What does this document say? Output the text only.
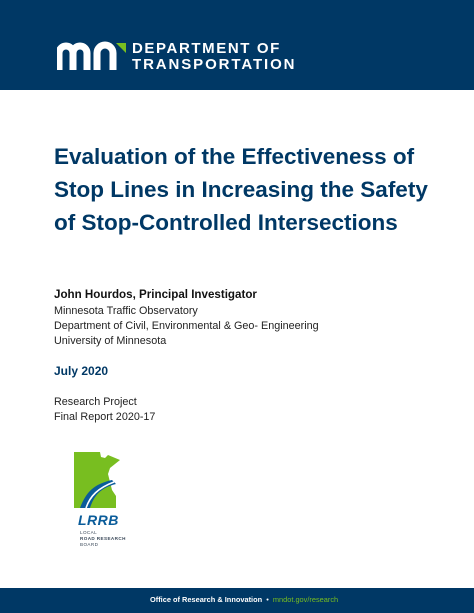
DEPARTMENT OF
TRANSPORTATION
Evaluation of the Effectiveness of Stop Lines in Increasing the Safety of Stop-Controlled Intersections
John Hourdos, Principal Investigator
Minnesota Traffic Observatory
Department of Civil, Environmental & Geo- Engineering
University of Minnesota
July 2020
Research Project
Final Report 2020-17
LRRB
LOCAL
ROAD RESEARCH
BOARD
Office of Research & Innovation • mndot.gov/research
